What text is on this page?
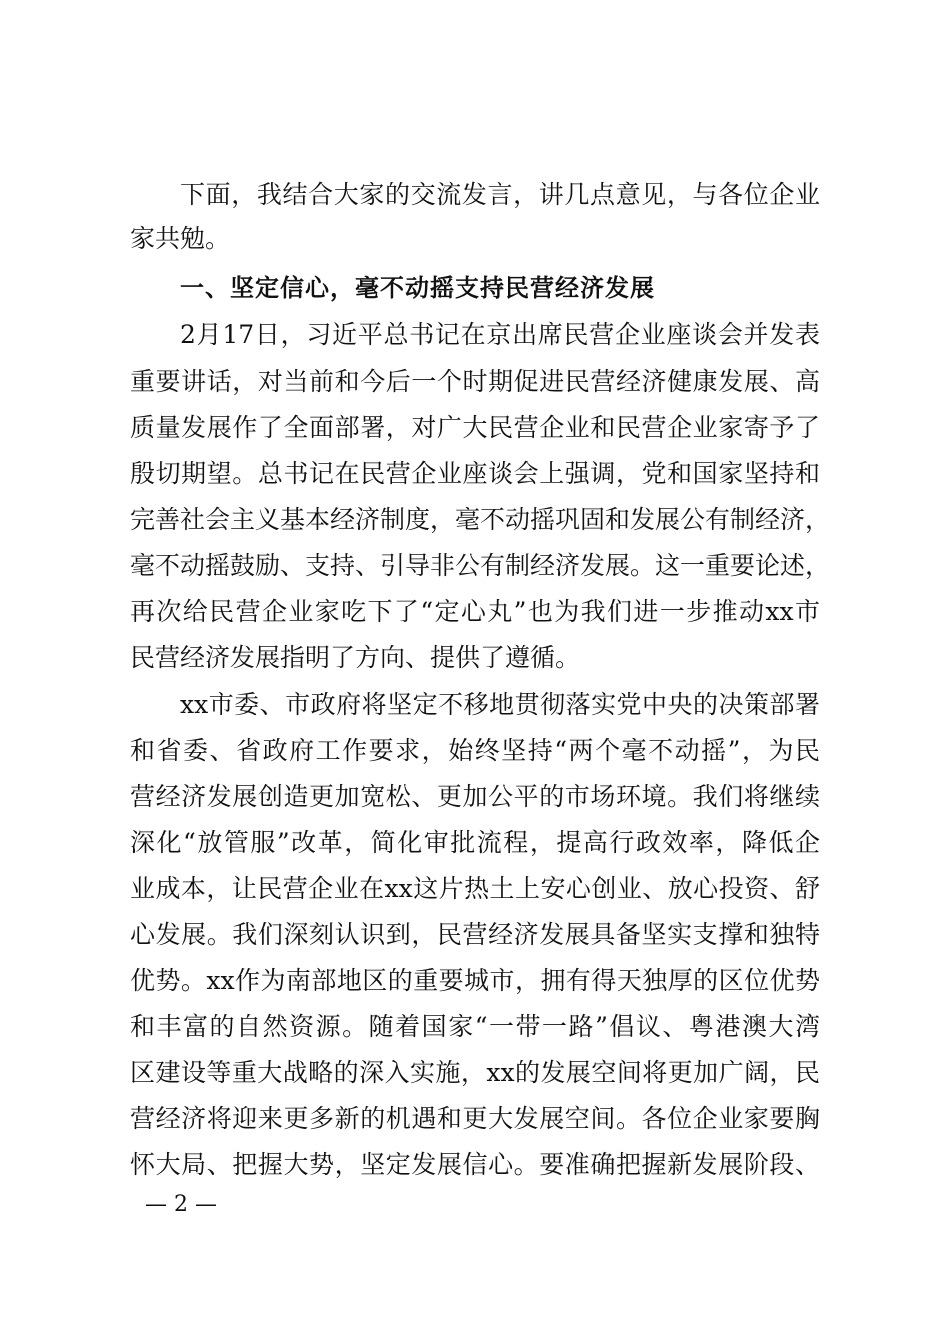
下面，我结合大家的交流发言，讲几点意见，与各位企业
家共勉。
一、坚定信心，毫不动摇支持民营经济发展
2月17日，习近平总书记在京出席民营企业座谈会并发表
重要讲话，对当前和今后一个时期促进民营经济健康发展、高
质量发展作了全面部署，对广大民营企业和民营企业家寄予了
殷切期望。总书记在民营企业座谈会上强调，党和国家坚持和
完善社会主义基本经济制度，毫不动摇巩固和发展公有制经济，
毫不动摇鼓励、支持、引导非公有制经济发展。这一重要论述，
再次给民营企业家吃下了“定心丸”也为我们进一步推动xx市
民营经济发展指明了方向、提供了遵循。
xx市委、市政府将坚定不移地贯彻落实党中央的决策部署
和省委、省政府工作要求，始终坚持“两个毫不动摇”，为民
营经济发展创造更加宽松、更加公平的市场环境。我们将继续
深化“放管服”改革，简化审批流程，提高行政效率，降低企
业成本，让民营企业在xx这片热土上安心创业、放心投资、舒
心发展。我们深刻认识到，民营经济发展具备坚实支撑和独特
优势。xx作为南部地区的重要城市，拥有得天独厚的区位优势
和丰富的自然资源。随着国家“一带一路”倡议、粤港澳大湾
区建设等重大战略的深入实施，xx的发展空间将更加广阔，民
营经济将迎来更多新的机遇和更大发展空间。各位企业家要胸
怀大局、把握大势，坚定发展信心。要准确把握新发展阶段、
— 2 —
